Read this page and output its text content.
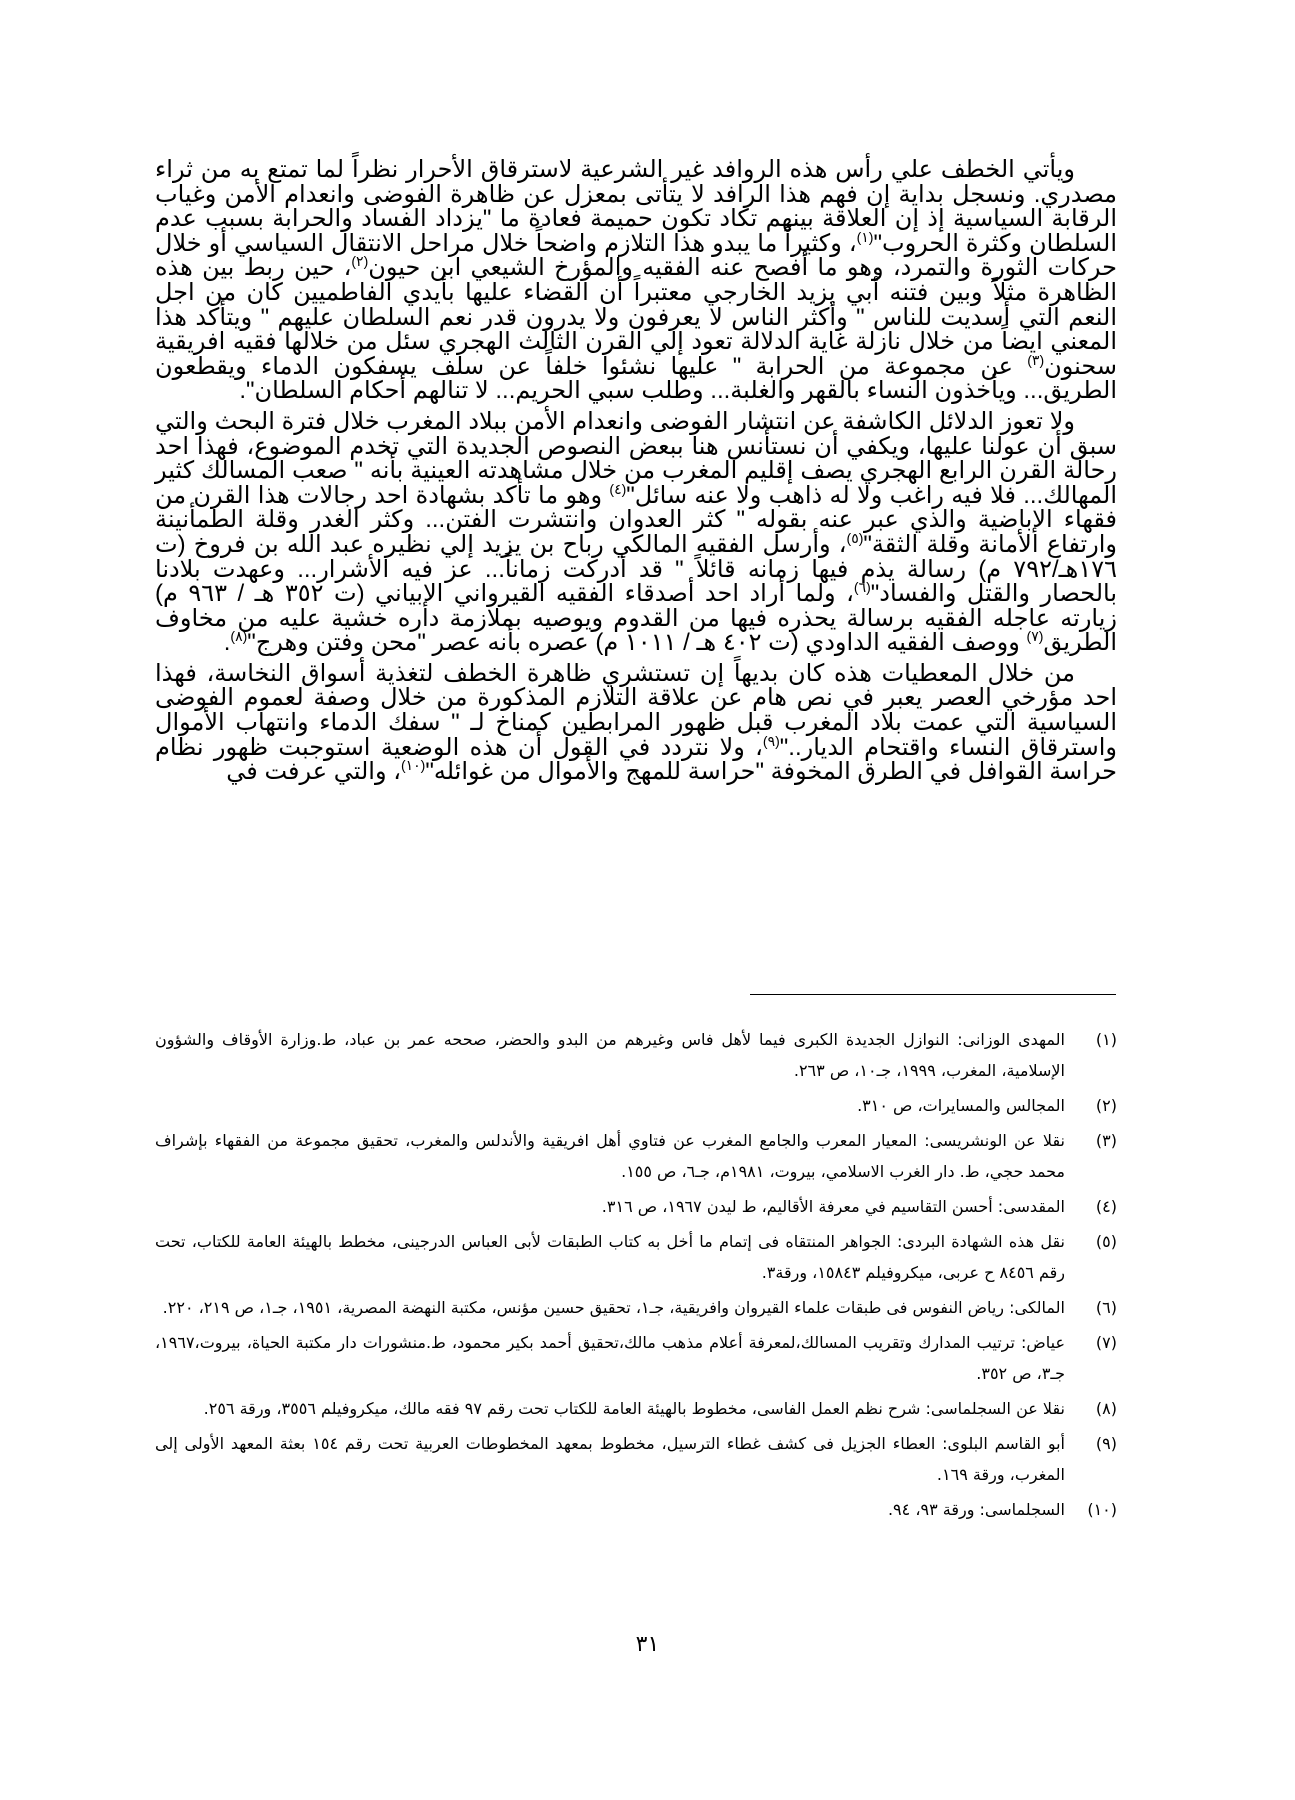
ويأتي الخطف علي رأس هذه الروافد غير الشرعية لاسترقاق الأحرار نظراً لما تمتع به من ثراء مصدري. ونسجل بداية إن فهم هذا الرافد لا يتأتى بمعزل عن ظاهرة الفوضى وانعدام الأمن وغياب الرقابة السياسية إذ إن العلاقة بينهم تكاد تكون حميمة فعادة ما "يزداد الفساد والحرابة بسبب عدم السلطان وكثرة الحروب"$^{(١)}$، وكثيراً ما يبدو هذا التلازم واضحاً خلال مراحل الانتقال السياسي أو خلال حركات الثورة والتمرد، وهو ما أفصح عنه الفقيه والمؤرخ الشيعي ابن حيون$^{(٢)}$، حين ربط بين هذه الظاهرة مثلاً وبين فتنه أبي يزيد الخارجي معتبراً أن القضاء عليها بأيدي الفاطميين كان من اجل النعم التي أسديت للناس " وأكثر الناس لا يعرفون ولا يدرون قدر نعم السلطان عليهم " ويتأكد هذا المعني ايضاً من خلال نازلة غاية الدلالة تعود إلي القرن الثالث الهجري سئل من خلالها فقيه افريقية سحنون$^{(٣)}$ عن مجموعة من الحرابة " عليها نشئوا خلفاً عن سلف يسفكون الدماء ويقطعون الطريق... ويأخذون النساء بالقهر والغلبة... وطلب سبي الحريم... لا تنالهم أحكام السلطان".

ولا تعوز الدلائل الكاشفة عن انتشار الفوضى وانعدام الأمن ببلاد المغرب خلال فترة البحث والتي سبق أن عولنا عليها، ويكفي أن نستأنس هنا ببعض النصوص الجديدة التي تخدم الموضوع، فهذا احد رحالة القرن الرابع الهجري يصف إقليم المغرب من خلال مشاهدته العينية بأنه " صعب المسالك كثير المهالك... فلا فيه راغب ولا له ذاهب ولا عنه سائل"$^{(٤)}$ وهو ما تأكد بشهادة احد رجالات هذا القرن من فقهاء الإباضية والذي عبر عنه بقوله " كثر العدوان وانتشرت الفتن... وكثر الغدر وقلة الطمأنينة وارتفاع الأمانة وقلة الثقة"$^{(٥)}$، وأرسل الفقيه المالكي رباح بن يزيد إلي نظيره عبد الله بن فروخ (ت ١٧٦هـ/٧٩٢ م) رسالة يذم فيها زمانه قائلاً " قد أدركت زماناً... عز فيه الأشرار... وعهدت بلادنا بالحصار والقتل والفساد"$^{(٦)}$، ولما أراد احد أصدقاء الفقيه القيرواني الإبياني (ت ٣٥٢ هـ / ٩٦٣ م) زيارته عاجله الفقيه برسالة يحذره فيها من القدوم ويوصيه بملازمة داره خشية عليه من مخاوف الطريق$^{(٧)}$ ووصف الفقيه الداودي (ت ٤٠٢ هـ / ١٠١١ م) عصره بأنه عصر "محن وفتن وهرج"$^{(٨)}$.

من خلال المعطيات هذه كان بديهاً إن تستشري ظاهرة الخطف لتغذية أسواق النخاسة، فهذا احد مؤرخي العصر يعبر في نص هام عن علاقة التلازم المذكورة من خلال وصفة لعموم الفوضى السياسية التي عمت بلاد المغرب قبل ظهور المرابطين كمناخ لـ " سفك الدماء وانتهاب الأموال واسترقاق النساء واقتحام الديار.."$^{(٩)}$، ولا نتردد في القول أن هذه الوضعية استوجبت ظهور نظام حراسة القوافل في الطرق المخوفة "حراسة للمهج والأموال من غوائله"$^{(١٠)}$، والتي عرفت في

(١)
المهدى الوزانى: النوازل الجديدة الكبرى فيما لأهل فاس وغيرهم من البدو والحضر، صححه عمر بن عباد، ط.وزارة الأوقاف والشؤون الإسلامية، المغرب، ١٩٩٩، جـ١٠، ص ٢٦٣.
(٢)
المجالس والمسايرات، ص ٣١٠.
(٣)
نقلا عن الونشريسى: المعيار المعرب والجامع المغرب عن فتاوي أهل افريقية والأندلس والمغرب، تحقيق مجموعة من الفقهاء بإشراف محمد حجي، ط. دار الغرب الاسلامي، بيروت، ١٩٨١م، جـ٦، ص ١٥٥.
(٤)
المقدسى: أحسن التقاسيم في معرفة الأقاليم، ط ليدن ١٩٦٧، ص ٣١٦.
(٥)
نقل هذه الشهادة البردى: الجواهر المنتقاه فى إتمام ما أخل به كتاب الطبقات لأبى العباس الدرجينى، مخطط بالهيئة العامة للكتاب، تحت رقم ٨٤٥٦ ح عربى، ميكروفيلم ١٥٨٤٣، ورقة٣.
(٦)
المالكى: رياض النفوس فى طبقات علماء القيروان وافريقية، جـ١، تحقيق حسين مؤنس، مكتبة النهضة المصرية، ١٩٥١، جـ١، ص ٢١٩، ٢٢٠.
(٧)
عياض: ترتيب المدارك وتقريب المسالك،لمعرفة أعلام مذهب مالك،تحقيق أحمد بكير محمود، ط.منشورات دار مكتبة الحياة، بيروت،١٩٦٧، جـ٣، ص ٣٥٢.
(٨)
نقلا عن السجلماسى: شرح نظم العمل الفاسى، مخطوط بالهيئة العامة للكتاب تحت رقم ٩٧ فقه مالك، ميكروفيلم ٣٥٥٦، ورقة ٢٥٦.
(٩)
أبو القاسم البلوى: العطاء الجزيل فى كشف غطاء الترسيل، مخطوط بمعهد المخطوطات العربية تحت رقم ١٥٤ بعثة المعهد الأولى إلى المغرب، ورقة ١٦٩.
(١٠)
السجلماسى: ورقة ٩٣، ٩٤.
٣١
